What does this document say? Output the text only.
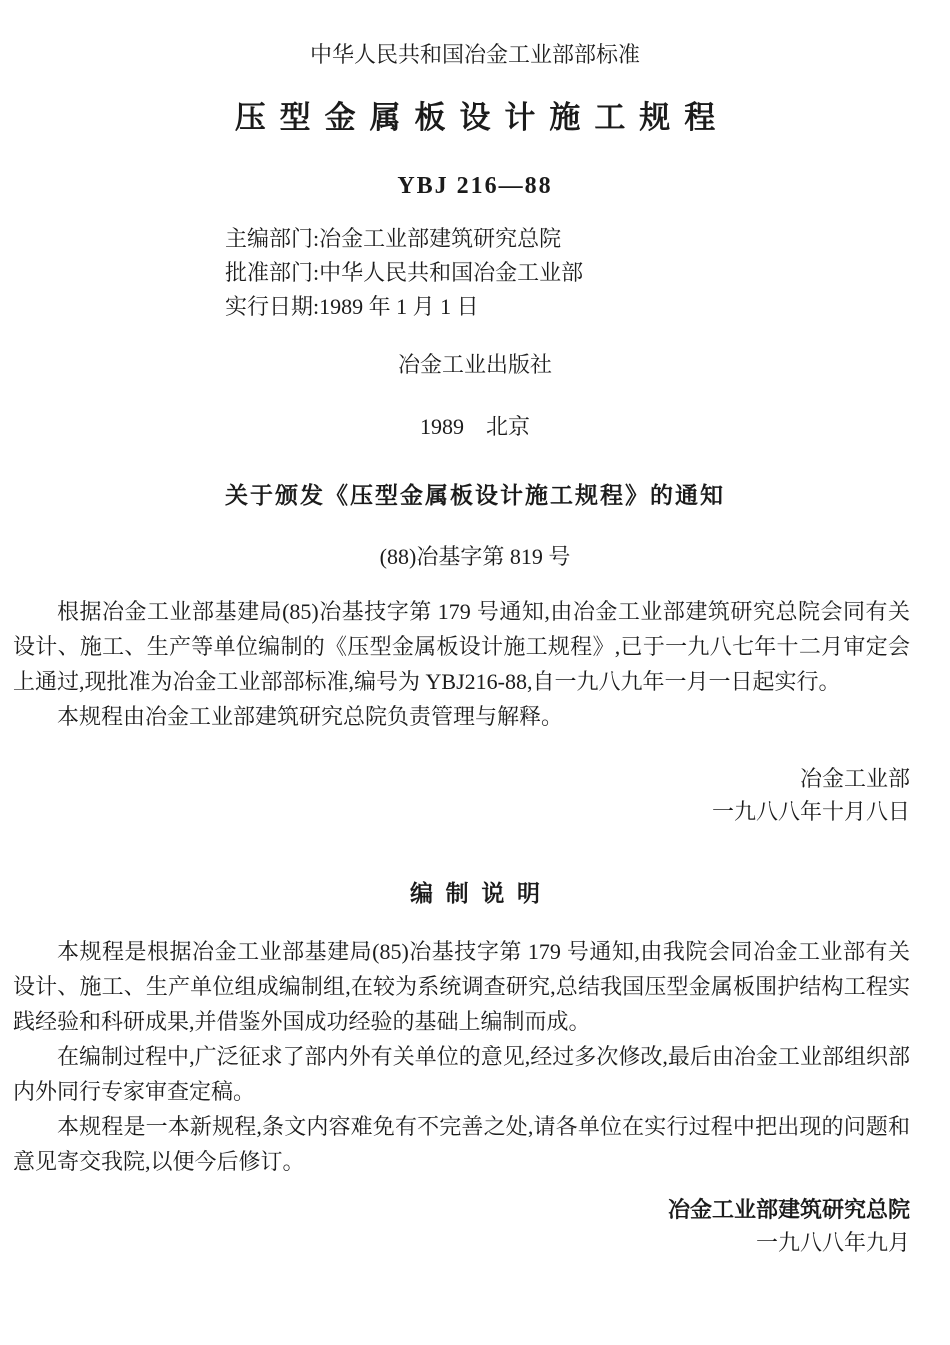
中华人民共和国冶金工业部部标准
压型金属板设计施工规程
YBJ 216—88
主编部门:冶金工业部建筑研究总院
批准部门:中华人民共和国冶金工业部
实行日期:1989 年 1 月 1 日
冶金工业出版社
1989　北京
关于颁发《压型金属板设计施工规程》的通知
(88)冶基字第 819 号

根据冶金工业部基建局(85)冶基技字第 179 号通知,由冶金工业部建筑研究总院会同有关设计、施工、生产等单位编制的《压型金属板设计施工规程》,已于一九八七年十二月审定会上通过,现批准为冶金工业部部标准,编号为 YBJ216-88,自一九八九年一月一日起实行。

本规程由冶金工业部建筑研究总院负责管理与解释。

冶金工业部
一九八八年十月八日
编制说明

本规程是根据冶金工业部基建局(85)冶基技字第 179 号通知,由我院会同冶金工业部有关设计、施工、生产单位组成编制组,在较为系统调查研究,总结我国压型金属板围护结构工程实践经验和科研成果,并借鉴外国成功经验的基础上编制而成。

在编制过程中,广泛征求了部内外有关单位的意见,经过多次修改,最后由冶金工业部组织部内外同行专家审查定稿。

本规程是一本新规程,条文内容难免有不完善之处,请各单位在实行过程中把出现的问题和意见寄交我院,以便今后修订。

冶金工业部建筑研究总院
一九八八年九月
